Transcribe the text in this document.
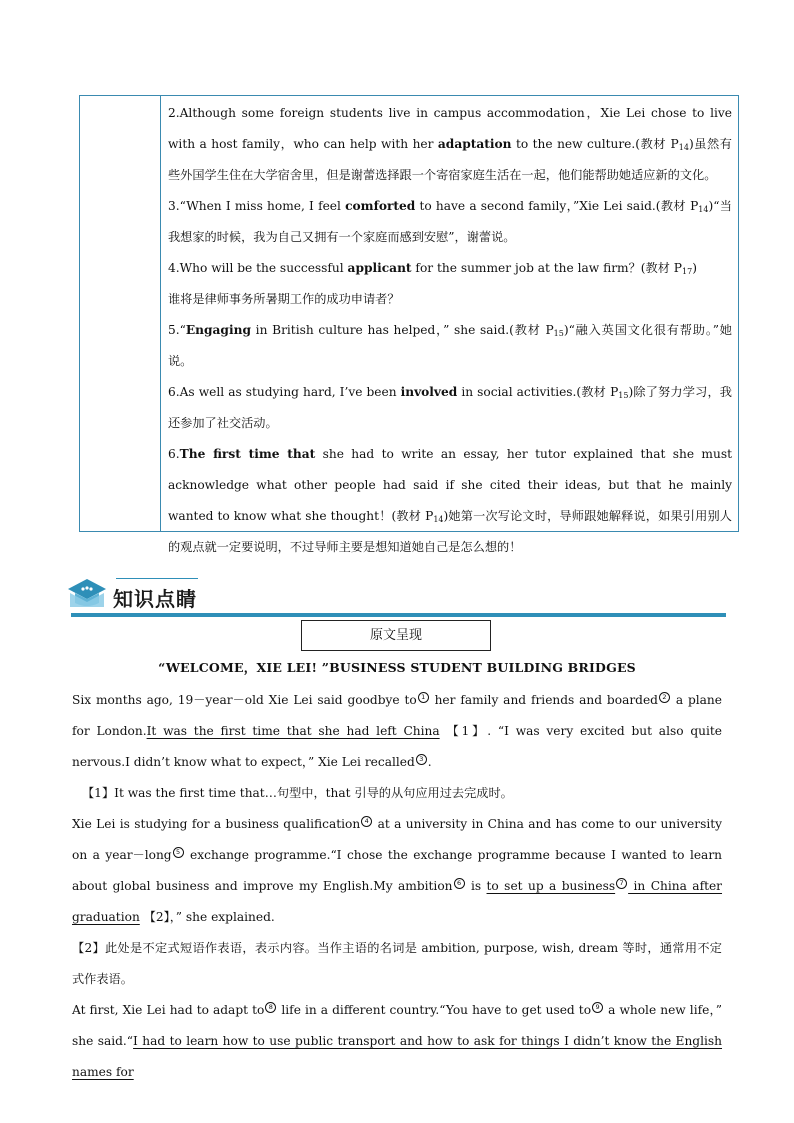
2.Although some foreign students live in campus accommodation，Xie Lei chose to live with a host family，who can help with her adaptation to the new culture.(教材 $P_{14}$)虽然有些外国学生住在大学宿舍里，但是谢蕾选择跟一个寄宿家庭生活在一起，他们能帮助她适应新的文化。

3.“When I miss home, I feel comforted to have a second family，”Xie Lei said.(教材 $P_{14})“$当我想家的时候，我为自己又拥有一个家庭而感到安慰”，谢蕾说。

4.Who will be the successful applicant for the summer job at the law firm？(教材 $P_{17}$)

谁将是律师事务所暑期工作的成功申请者？

5.“Engaging in British culture has helped，” she said.(教材 $P_{15})“$融入英国文化很有帮助。”她说。

6.As well as studying hard, I’ve been involved in social activities.(教材 $P_{15}$)除了努力学习，我还参加了社交活动。

6.The first time that she had to write an essay, her tutor explained that she must acknowledge what other people had said if she cited their ideas, but that he mainly wanted to know what she thought！(教材 $P_{14}$)她第一次写论文时，导师跟她解释说，如果引用别人的观点就一定要说明，不过导师主要是想知道她自己是怎么想的！

知识点睛
原文呈现
“WELCOME，XIE LEI! ”BUSINESS STUDENT BUILDING BRIDGES

Six months ago, 19－year－old Xie Lei said goodbye to 1 her family and friends and boarded 2 a plane for London.It was the first time that she had left China 【1】. “I was very excited but also quite nervous.I didn’t know what to expect，” Xie Lei recalled 3 .

【1】It was the first time that…句型中，that 引导的从句应用过去完成时。

Xie Lei is studying for a business qualification 4 at a university in China and has come to our university on a year－long 5 exchange programme.“I chose the exchange programme because I wanted to learn about global business and improve my English.My ambition 6 is to set up a business 7 in China after graduation 【2】，” she explained.

【2】此处是不定式短语作表语，表示内容。当作主语的名词是 ambition, purpose, wish, dream 等时，通常用不定式作表语。

At first, Xie Lei had to adapt to 8 life in a different country.“You have to get used to 9 a whole new life，” she said.“I had to learn how to use public transport and how to ask for things I didn’t know the English names for
